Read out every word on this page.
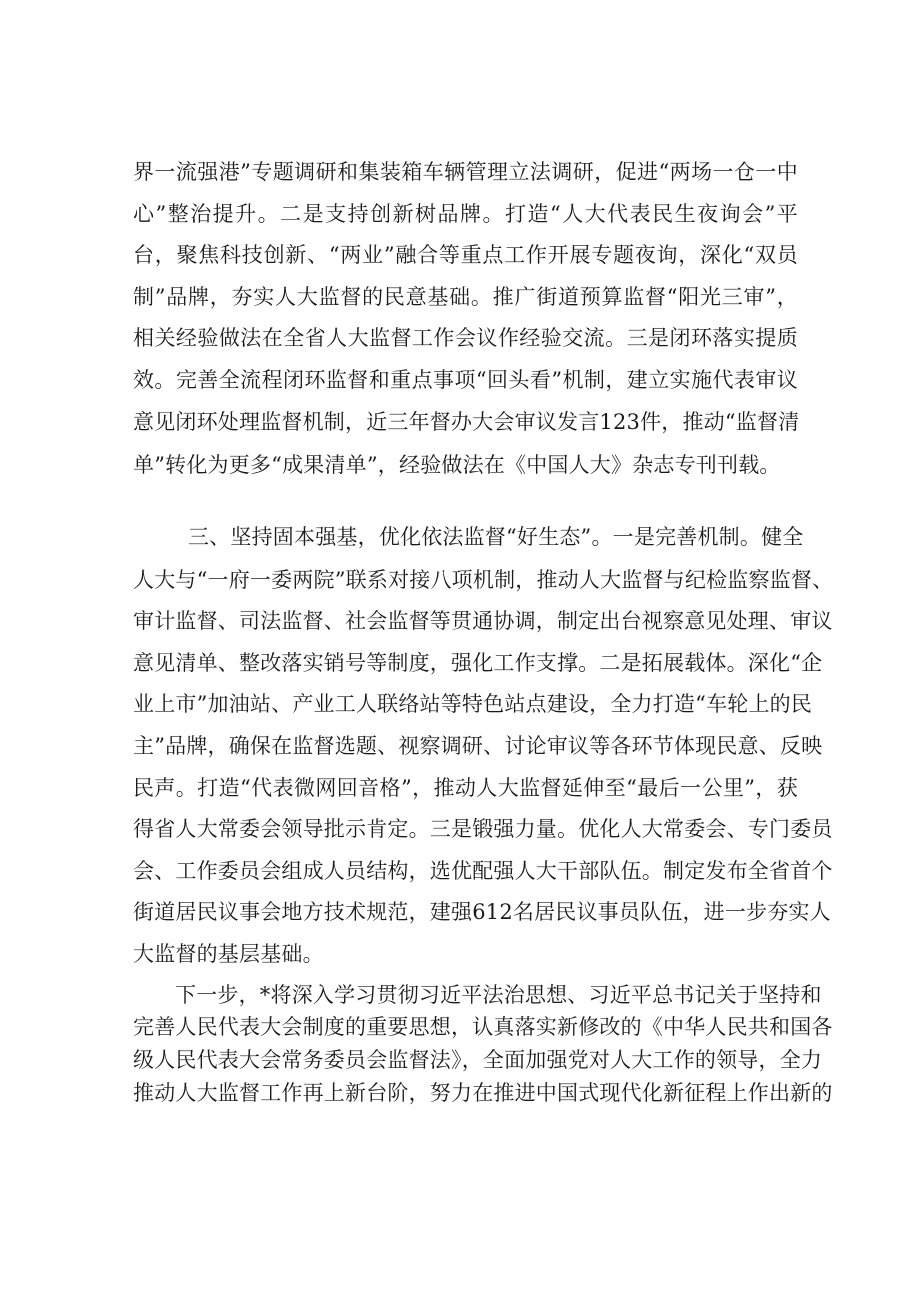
界一流强港”专题调研和集装箱车辆管理立法调研，促进“两场一仓一中
心”整治提升。二是支持创新树品牌。打造“人大代表民生夜询会”平
台，聚焦科技创新、“两业”融合等重点工作开展专题夜询，深化“双员
制”品牌，夯实人大监督的民意基础。推广街道预算监督“阳光三审”，
相关经验做法在全省人大监督工作会议作经验交流。三是闭环落实提质
效。完善全流程闭环监督和重点事项“回头看”机制，建立实施代表审议
意见闭环处理监督机制，近三年督办大会审议发言123件，推动“监督清
单”转化为更多“成果清单”，经验做法在《中国人大》杂志专刊刊载。
三、坚持固本强基，优化依法监督“好生态”。一是完善机制。健全
人大与“一府一委两院”联系对接八项机制，推动人大监督与纪检监察监督、
审计监督、司法监督、社会监督等贯通协调，制定出台视察意见处理、审议
意见清单、整改落实销号等制度，强化工作支撑。二是拓展载体。深化“企
业上市”加油站、产业工人联络站等特色站点建设，全力打造“车轮上的民
主”品牌，确保在监督选题、视察调研、讨论审议等各环节体现民意、反映
民声。打造“代表微网回音格”，推动人大监督延伸至“最后一公里”，获
得省人大常委会领导批示肯定。三是锻强力量。优化人大常委会、专门委员
会、工作委员会组成人员结构，选优配强人大干部队伍。制定发布全省首个
街道居民议事会地方技术规范，建强612名居民议事员队伍，进一步夯实人
大监督的基层基础。
下一步，*将深入学习贯彻习近平法治思想、习近平总书记关于坚持和
完善人民代表大会制度的重要思想，认真落实新修改的《中华人民共和国各
级人民代表大会常务委员会监督法》，全面加强党对人大工作的领导，全力
推动人大监督工作再上新台阶，努力在推进中国式现代化新征程上作出新的
